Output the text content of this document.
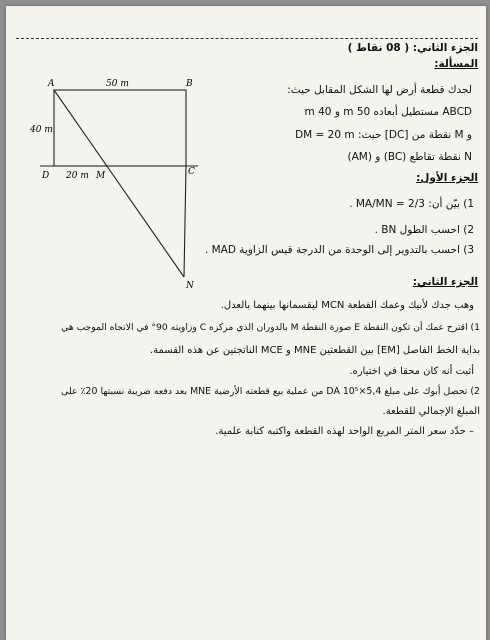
الجزء الثاني: ( 08 نقاط )
المسألة:
لجدك قطعة أرض لها الشكل المقابل حيث:
ABCD مستطيل أبعاده 50 m و 40 m
و M نقطة من [DC] حيث: DM = 20 m
N نقطة تقاطع (BC) و (AM)
الجزء الأول:
1) بيّن أن: MA/MN = 2/3 .
2) احسب الطول BN .
3) احسب بالتدوير إلى الوحدة من الدرجة قيس الزاوية MAD .
الجزء الثاني:
وهب جدك لأبيك وعمك القطعة MCN ليقسمانها بينهما بالعدل.
1) اقترح عمك أن تكون النقطة E صورة النقطة M بالدوران الذي مركزه C وزاويته 90° في الاتجاه الموجب هي
بداية الخط الفاصل [EM] بين القطعتين MNE و MCE الناتجتين عن هذه القسمة.
أثبت أنه كان محقا في اختياره.
2) تحصل أبوك على مبلغ 5,4×10⁵ DA من عملية بيع قطعته الأرضية MNE بعد دفعه ضريبة نسبتها 20٪ على
المبلغ الإجمالي للقطعة.
– حدّد سعر المتر المربع الواحد لهذه القطعة واكتبه كتابة علمية.
A	B
C
D	M
N
50 m
40 m
20 m
